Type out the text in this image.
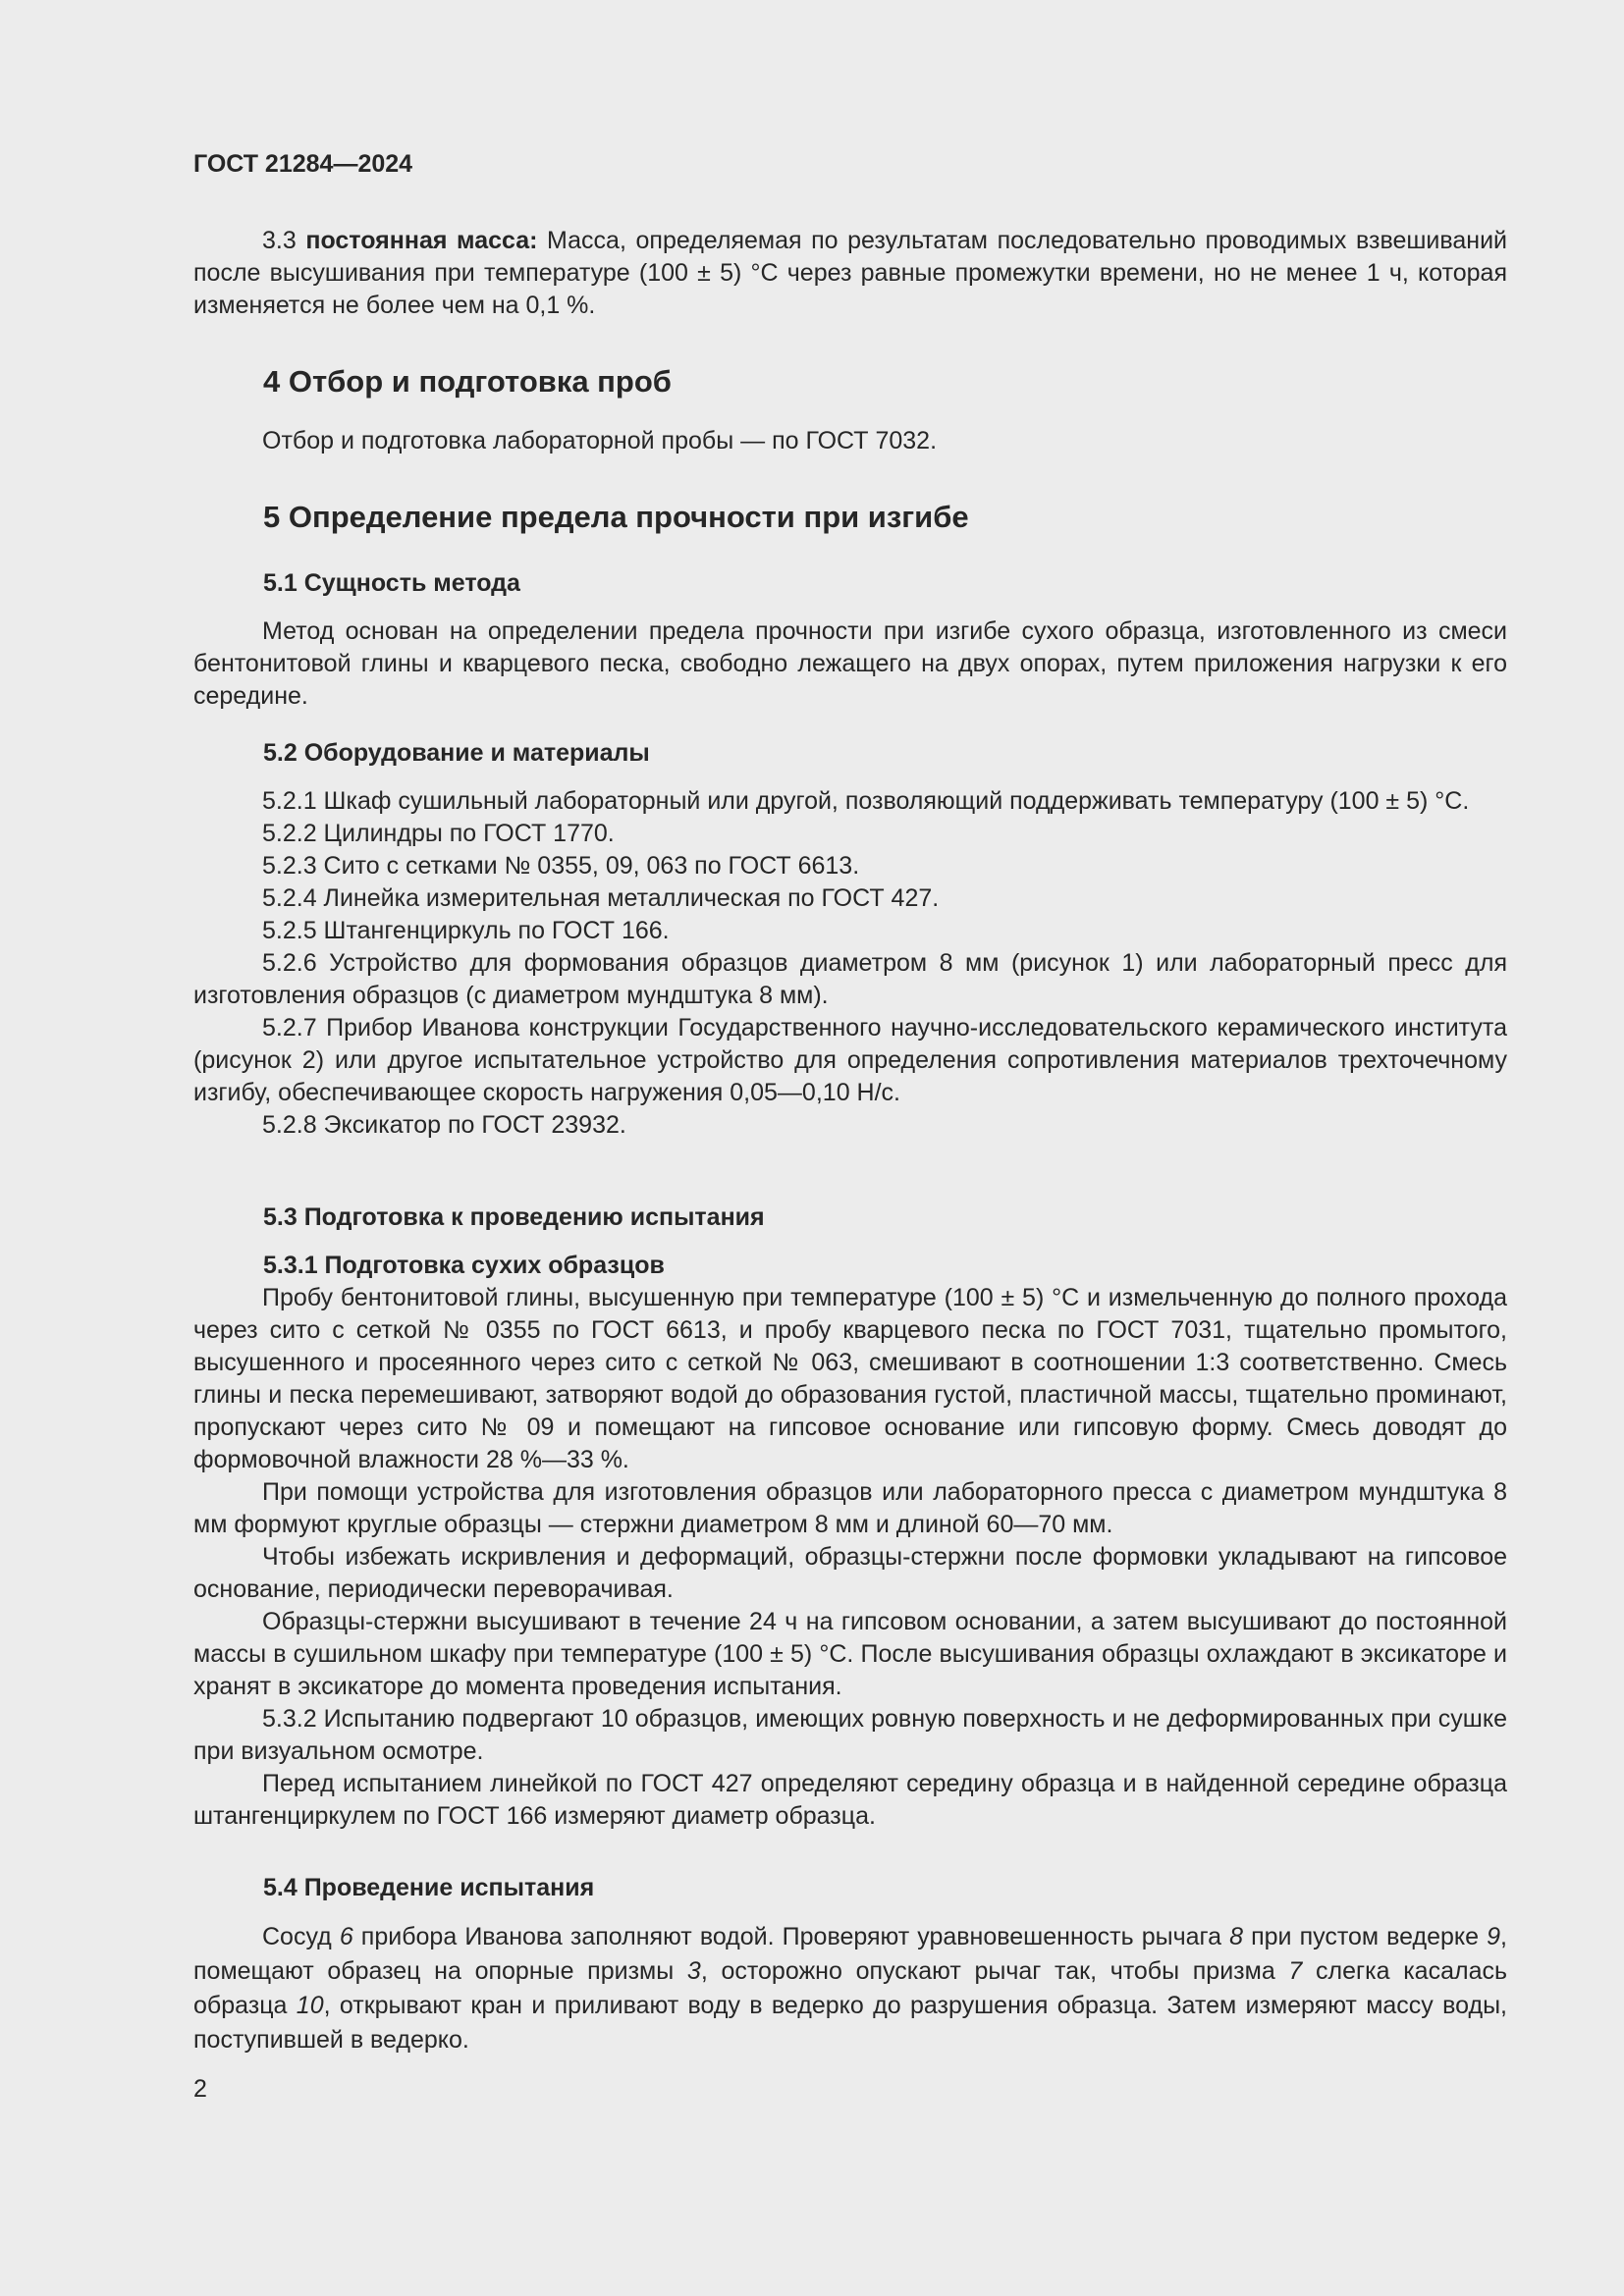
ГОСТ 21284—2024

3.3 постоянная масса: Масса, определяемая по результатам последовательно проводимых взвешиваний после высушивания при температуре (100 ± 5) °С через равные промежутки времени, но не менее 1 ч, которая изменяется не более чем на 0,1 %.

4 Отбор и подготовка проб

Отбор и подготовка лабораторной пробы — по ГОСТ 7032.

5 Определение предела прочности при изгибе
5.1 Сущность метода

Метод основан на определении предела прочности при изгибе сухого образца, изготовленного из смеси бентонитовой глины и кварцевого песка, свободно лежащего на двух опорах, путем приложения нагрузки к его середине.

5.2 Оборудование и материалы

5.2.1 Шкаф сушильный лабораторный или другой, позволяющий поддерживать температуру (100 ± 5) °С.

5.2.2 Цилиндры по ГОСТ 1770.

5.2.3 Сито с сетками № 0355, 09, 063 по ГОСТ 6613.

5.2.4 Линейка измерительная металлическая по ГОСТ 427.

5.2.5 Штангенциркуль по ГОСТ 166.

5.2.6 Устройство для формования образцов диаметром 8 мм (рисунок 1) или лабораторный пресс для изготовления образцов (с диаметром мундштука 8 мм).

5.2.7 Прибор Иванова конструкции Государственного научно-исследовательского керамического института (рисунок 2) или другое испытательное устройство для определения сопротивления материалов трехточечному изгибу, обеспечивающее скорость нагружения 0,05—0,10 Н/с.

5.2.8 Эксикатор по ГОСТ 23932.

5.3 Подготовка к проведению испытания
5.3.1 Подготовка сухих образцов

Пробу бентонитовой глины, высушенную при температуре (100 ± 5) °С и измельченную до полного прохода через сито с сеткой № 0355 по ГОСТ 6613, и пробу кварцевого песка по ГОСТ 7031, тщательно промытого, высушенного и просеянного через сито с сеткой № 063, смешивают в соотношении 1:3 соответственно. Смесь глины и песка перемешивают, затворяют водой до образования густой, пластичной массы, тщательно проминают, пропускают через сито № 09 и помещают на гипсовое основание или гипсовую форму. Смесь доводят до формовочной влажности 28 %—33 %.

При помощи устройства для изготовления образцов или лабораторного пресса с диаметром мундштука 8 мм формуют круглые образцы — стержни диаметром 8 мм и длиной 60—70 мм.

Чтобы избежать искривления и деформаций, образцы-стержни после формовки укладывают на гипсовое основание, периодически переворачивая.

Образцы-стержни высушивают в течение 24 ч на гипсовом основании, а затем высушивают до постоянной массы в сушильном шкафу при температуре (100 ± 5) °С. После высушивания образцы охлаждают в эксикаторе и хранят в эксикаторе до момента проведения испытания.

5.3.2 Испытанию подвергают 10 образцов, имеющих ровную поверхность и не деформированных при сушке при визуальном осмотре.

Перед испытанием линейкой по ГОСТ 427 определяют середину образца и в найденной середине образца штангенциркулем по ГОСТ 166 измеряют диаметр образца.

5.4 Проведение испытания

Сосуд 6 прибора Иванова заполняют водой. Проверяют уравновешенность рычага 8 при пустом ведерке 9, помещают образец на опорные призмы 3, осторожно опускают рычаг так, чтобы призма 7 слегка касалась образца 10, открывают кран и приливают воду в ведерко до разрушения образца. Затем измеряют массу воды, поступившей в ведерко.

2
